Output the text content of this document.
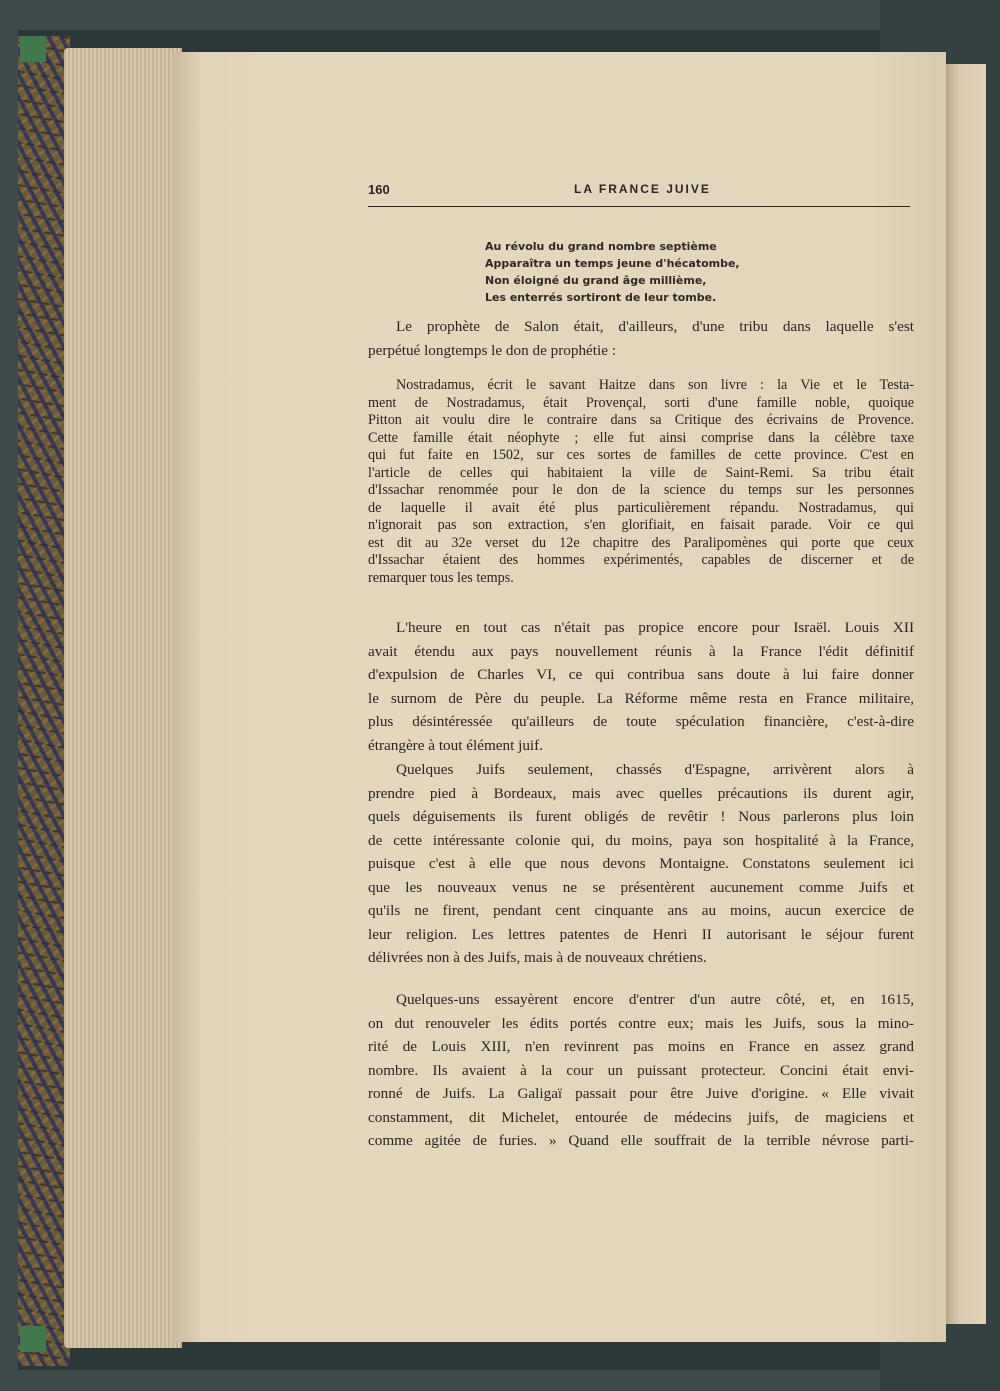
160	LA FRANCE JUIVE
Au révolu du grand nombre septième
Apparaîtra un temps jeune d'hécatombe,
Non éloigné du grand âge millième,
Les enterrés sortiront de leur tombe.
Le prophète de Salon était, d'ailleurs, d'une tribu dans laquelle s'est
perpétué longtemps le don de prophétie :
Nostradamus, écrit le savant Haitze dans son livre : la Vie et le Testa-
ment de Nostradamus, était Provençal, sorti d'une famille noble, quoique
Pitton ait voulu dire le contraire dans sa Critique des écrivains de Provence.
Cette famille était néophyte ; elle fut ainsi comprise dans la célèbre taxe
qui fut faite en 1502, sur ces sortes de familles de cette province. C'est en
l'article de celles qui habitaient la ville de Saint-Remi. Sa tribu était
d'Issachar renommée pour le don de la science du temps sur les personnes
de laquelle il avait été plus particulièrement répandu. Nostradamus, qui
n'ignorait pas son extraction, s'en glorifiait, en faisait parade. Voir ce qui
est dit au 32e verset du 12e chapitre des Paralipomènes qui porte que ceux
d'Issachar étaient des hommes expérimentés, capables de discerner et de
remarquer tous les temps.
L'heure en tout cas n'était pas propice encore pour Israël. Louis XII
avait étendu aux pays nouvellement réunis à la France l'édit définitif
d'expulsion de Charles VI, ce qui contribua sans doute à lui faire donner
le surnom de Père du peuple. La Réforme même resta en France militaire,
plus désintéressée qu'ailleurs de toute spéculation financière, c'est-à-dire
étrangère à tout élément juif.
Quelques Juifs seulement, chassés d'Espagne, arrivèrent alors à
prendre pied à Bordeaux, mais avec quelles précautions ils durent agir,
quels déguisements ils furent obligés de revêtir ! Nous parlerons plus loin
de cette intéressante colonie qui, du moins, paya son hospitalité à la France,
puisque c'est à elle que nous devons Montaigne. Constatons seulement ici
que les nouveaux venus ne se présentèrent aucunement comme Juifs et
qu'ils ne firent, pendant cent cinquante ans au moins, aucun exercice de
leur religion. Les lettres patentes de Henri II autorisant le séjour furent
délivrées non à des Juifs, mais à de nouveaux chrétiens.
Quelques-uns essayèrent encore d'entrer d'un autre côté, et, en 1615,
on dut renouveler les édits portés contre eux; mais les Juifs, sous la mino-
rité de Louis XIII, n'en revinrent pas moins en France en assez grand
nombre. Ils avaient à la cour un puissant protecteur. Concini était envi-
ronné de Juifs. La Galigaï passait pour être Juive d'origine. « Elle vivait
constamment, dit Michelet, entourée de médecins juifs, de magiciens et
comme agitée de furies. » Quand elle souffrait de la terrible névrose parti-
